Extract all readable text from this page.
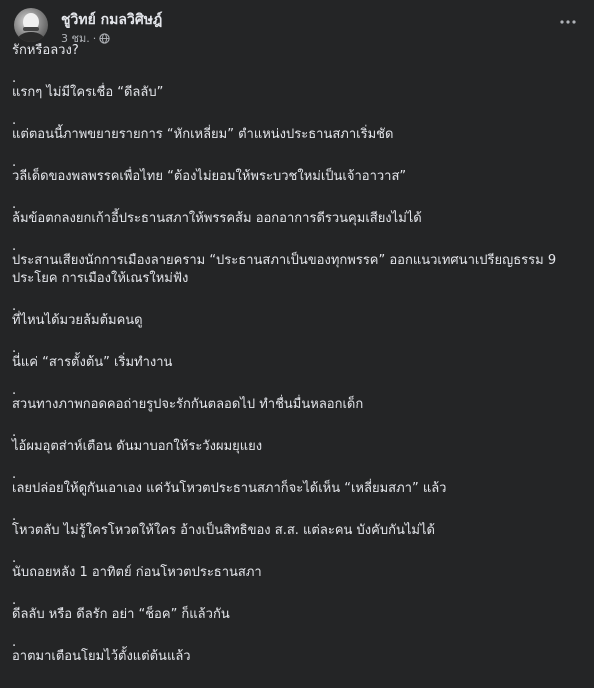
ชูวิทย์ กมลวิศิษฎ์
3 ชม. ·
รักหรือลวง?
.
แรกๆ ไม่มีใครเชื่อ “ดีลลับ”
.
แต่ตอนนี้ภาพขยายรายการ “หักเหลี่ยม” ตำแหน่งประธานสภาเริ่มชัด
.
วลีเด็ดของพลพรรคเพื่อไทย “ต้องไม่ยอมให้พระบวชใหม่เป็นเจ้าอาวาส”
.
ล้มข้อตกลงยกเก้าอี้ประธานสภาให้พรรคส้ม ออกอาการดีรวนคุมเสียงไม่ได้
.
ประสานเสียงนักการเมืองลายคราม “ประธานสภาเป็นของทุกพรรค” ออกแนวเทศนาเปรียญธรรม 9 ประโยค การเมืองให้เณรใหม่ฟัง
.
ที่ไหนได้มวยล้มต้มคนดู
.
นี่แค่ “สารตั้งต้น” เริ่มทำงาน
.
สวนทางภาพกอดคอถ่ายรูปจะรักกันตลอดไป ทำชื่นมื่นหลอกเด็ก
.
ไอ้ผมอุตส่าห์เตือน ดันมาบอกให้ระวังผมยุแยง
.
เลยปล่อยให้ดูกันเอาเอง แค่วันโหวตประธานสภาก็จะได้เห็น “เหลี่ยมสภา” แล้ว
.
โหวตลับ ไม่รู้ใครโหวตให้ใคร อ้างเป็นสิทธิของ ส.ส. แต่ละคน บังคับกันไม่ได้
.
นับถอยหลัง 1 อาทิตย์ ก่อนโหวตประธานสภา
.
ดีลลับ หรือ ดีลรัก อย่า “ช็อค” ก็แล้วกัน
.
อาตมาเตือนโยมไว้ตั้งแต่ต้นแล้ว
